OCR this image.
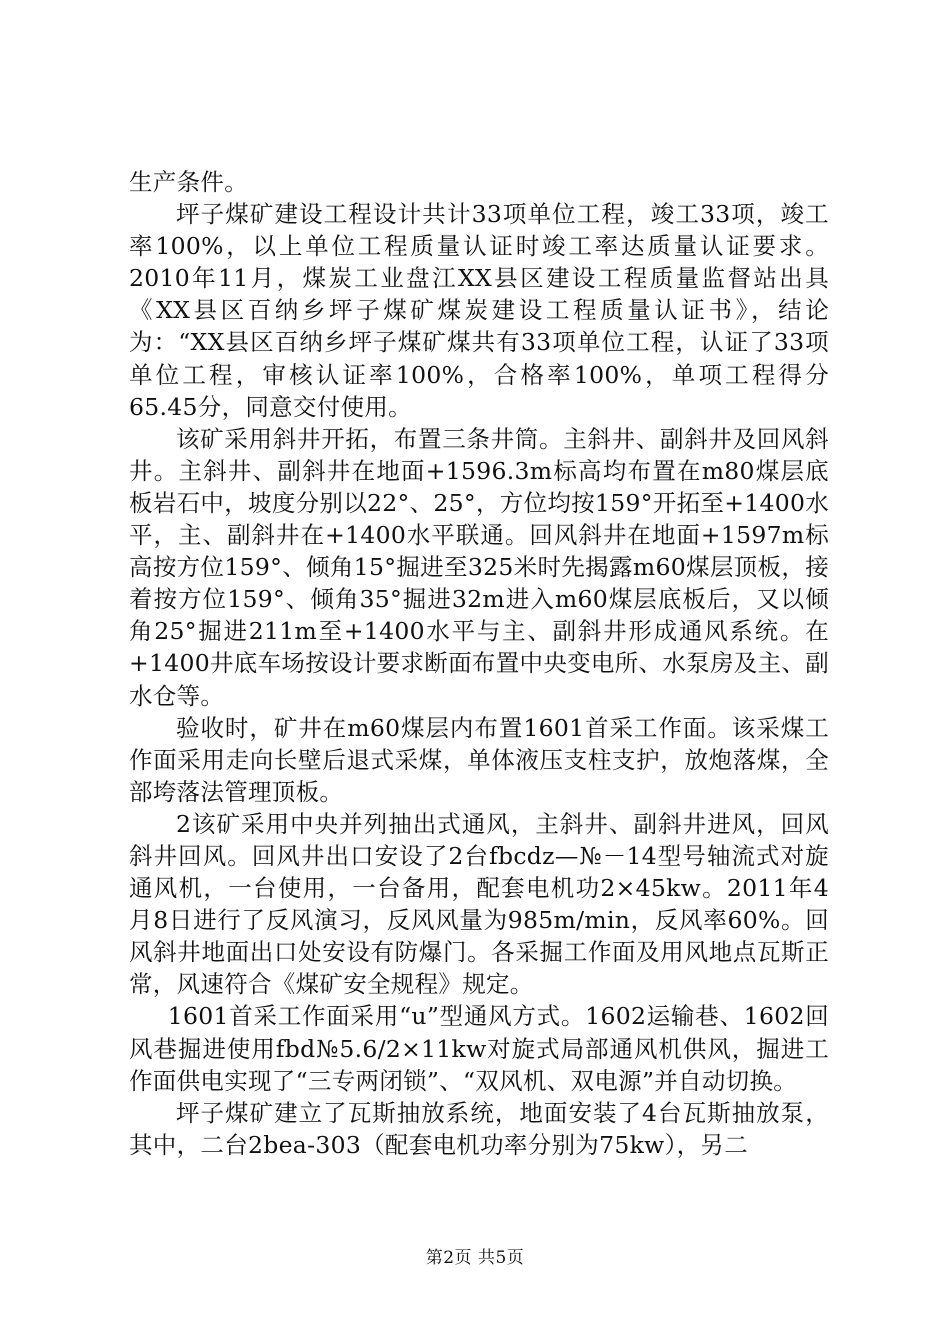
生产条件。

坪子煤矿建设工程设计共计33项单位工程，竣工33项，竣工率100%，以上单位工程质量认证时竣工率达质量认证要求。2010年11月，煤炭工业盘江XX县区建设工程质量监督站出具《XX县区百纳乡坪子煤矿煤炭建设工程质量认证书》，结论为：“XX县区百纳乡坪子煤矿煤共有33项单位工程，认证了33项单位工程，审核认证率100%，合格率100%，单项工程得分65.45分，同意交付使用。

该矿采用斜井开拓，布置三条井筒。主斜井、副斜井及回风斜井。主斜井、副斜井在地面+1596.3m标高均布置在m80煤层底板岩石中，坡度分别以22°、25°，方位均按159°开拓至+1400水平，主、副斜井在+1400水平联通。回风斜井在地面+1597m标高按方位159°、倾角15°掘进至325米时先揭露m60煤层顶板，接着按方位159°、倾角35°掘进32m进入m60煤层底板后，又以倾角25°掘进211m至+1400水平与主、副斜井形成通风系统。在+1400井底车场按设计要求断面布置中央变电所、水泵房及主、副水仓等。

验收时，矿井在m60煤层内布置1601首采工作面。该采煤工作面采用走向长壁后退式采煤，单体液压支柱支护，放炮落煤，全部垮落法管理顶板。

2该矿采用中央并列抽出式通风，主斜井、副斜井进风，回风斜井回风。回风井出口安设了2台fbcdz—№－14型号轴流式对旋通风机，一台使用，一台备用，配套电机功2×45kw。2011年4月8日进行了反风演习，反风风量为985m/min，反风率60%。回风斜井地面出口处安设有防爆门。各采掘工作面及用风地点瓦斯正常，风速符合《煤矿安全规程》规定。

1601首采工作面采用“u”型通风方式。1602运输巷、1602回风巷掘进使用fbd№5.6/2×11kw对旋式局部通风机供风，掘进工作面供电实现了“三专两闭锁”、“双风机、双电源”并自动切换。

坪子煤矿建立了瓦斯抽放系统，地面安装了4台瓦斯抽放泵，其中，二台2bea-303（配套电机功率分别为75kw），另二

第2页 共5页
